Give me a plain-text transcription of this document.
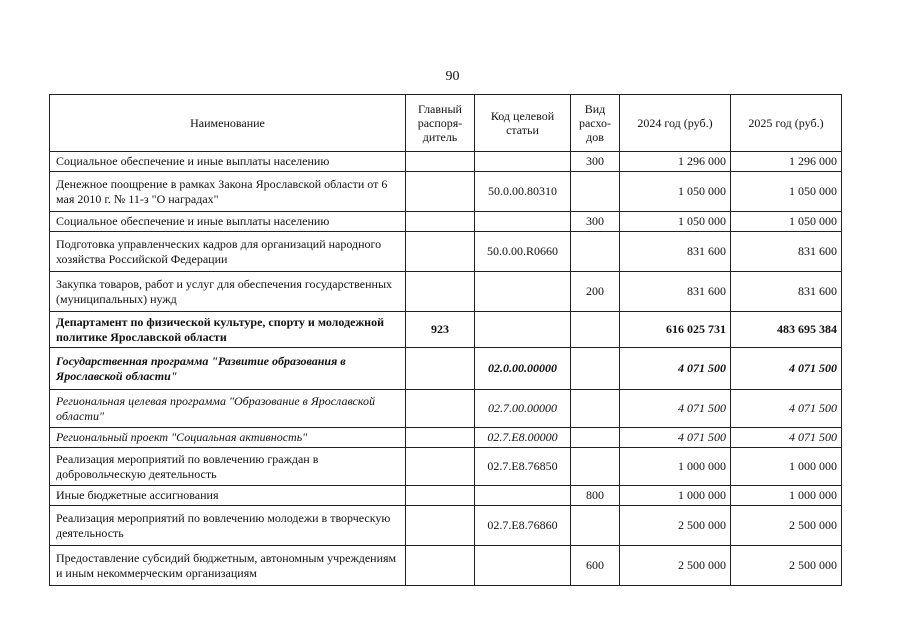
90
Наименование	Главный распоря-дитель	Код целевой статьи	Вид расхо-дов	2024 год (руб.)	2025 год (руб.)
Социальное обеспечение и иные выплаты населению			300	1 296 000	1 296 000
Денежное поощрение в рамках Закона Ярославской области от 6 мая 2010 г. № 11-з "О наградах"		50.0.00.80310		1 050 000	1 050 000
Социальное обеспечение и иные выплаты населению			300	1 050 000	1 050 000
Подготовка управленческих кадров для организаций народного хозяйства Российской Федерации		50.0.00.R0660		831 600	831 600
Закупка товаров, работ и услуг для обеспечения государственных (муниципальных) нужд			200	831 600	831 600
Департамент по физической культуре, спорту и молодежной политике Ярославской области	923			616 025 731	483 695 384
Государственная программа "Развитие образования в Ярославской области"		02.0.00.00000		4 071 500	4 071 500
Региональная целевая программа "Образование в Ярославской области"		02.7.00.00000		4 071 500	4 071 500
Региональный проект "Социальная активность"		02.7.Е8.00000		4 071 500	4 071 500
Реализация мероприятий по вовлечению граждан в добровольческую деятельность		02.7.Е8.76850		1 000 000	1 000 000
Иные бюджетные ассигнования			800	1 000 000	1 000 000
Реализация мероприятий по вовлечению молодежи в творческую деятельность		02.7.Е8.76860		2 500 000	2 500 000
Предоставление субсидий бюджетным, автономным учреждениям и иным некоммерческим организациям			600	2 500 000	2 500 000
